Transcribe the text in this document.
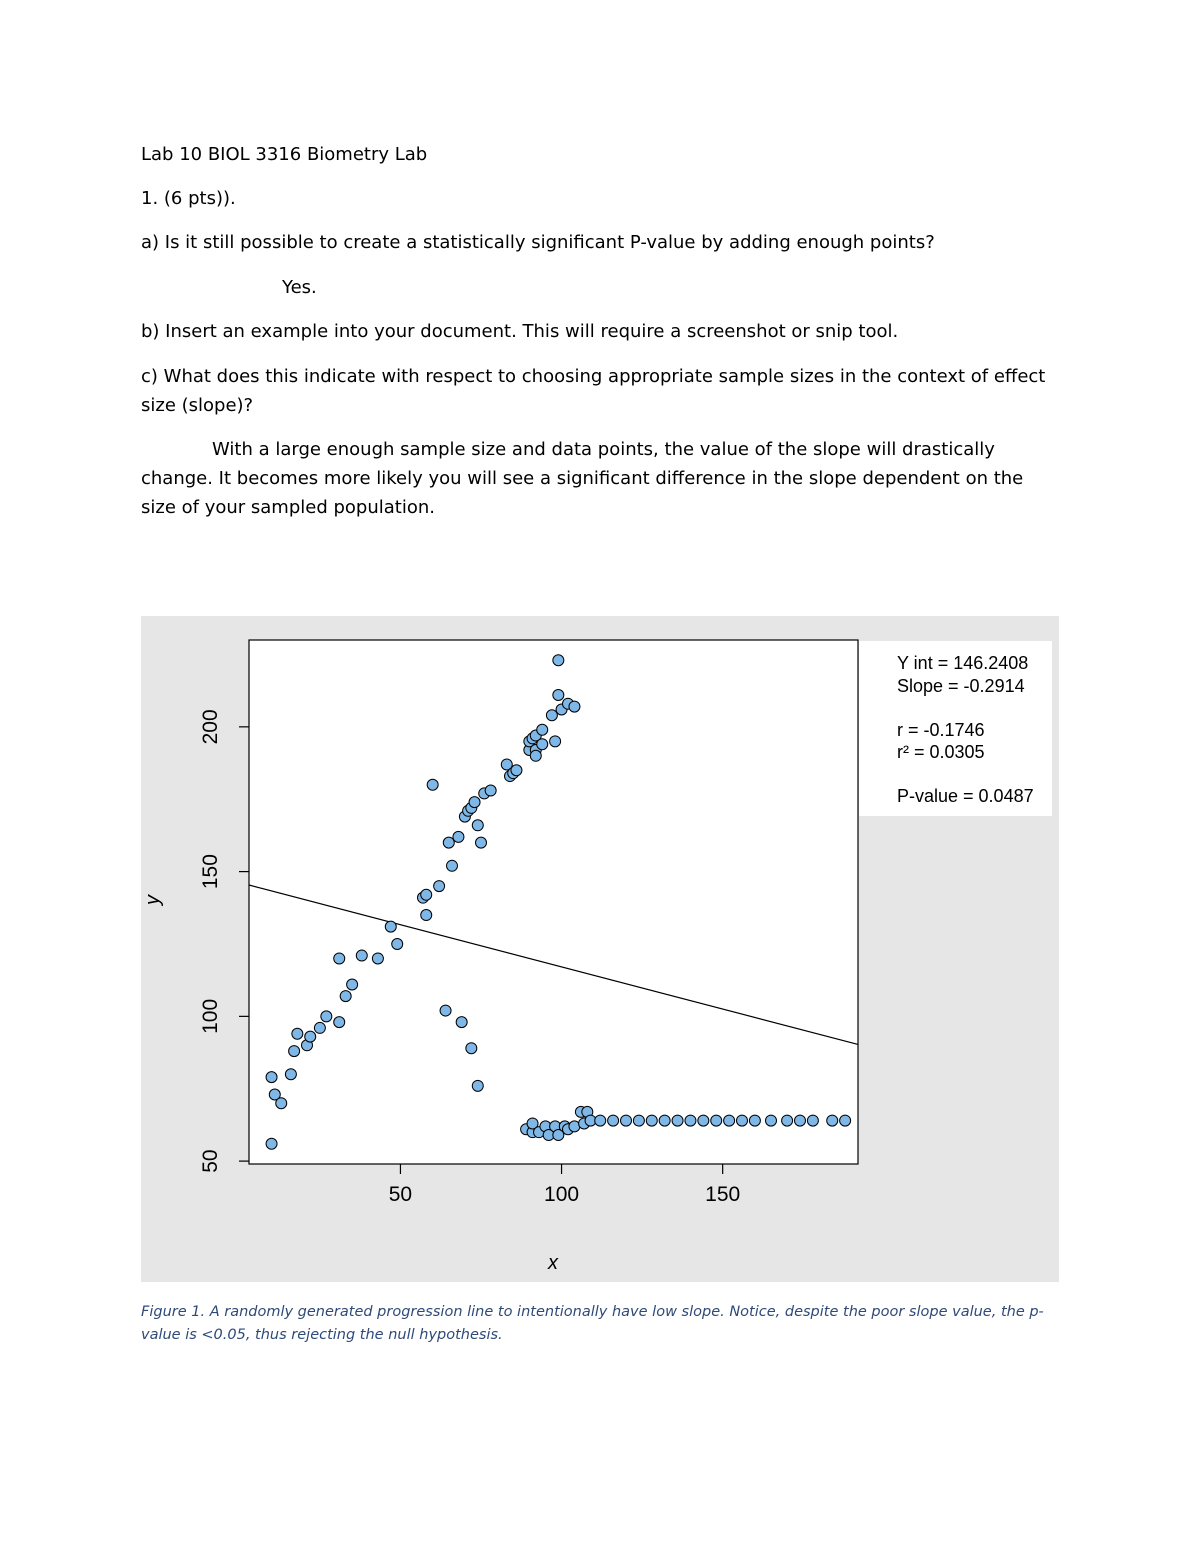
Lab 10 BIOL 3316 Biometry Lab
1. (6 pts)).
a) Is it still possible to create a statistically significant P-value by adding enough points?
Yes.
b) Insert an example into your document. This will require a screenshot or snip tool.
c) What does this indicate with respect to choosing appropriate sample sizes in the context of effect size (slope)?
With a large enough sample size and data points, the value of the slope will drastically change. It becomes more likely you will see a significant difference in the slope dependent on the size of your sampled population.
50	100	150
50
100
150
200
x
y
Y int = 146.2408
Slope = -0.2914
r = -0.1746
r² = 0.0305
P-value = 0.0487
Figure 1. A randomly generated progression line to intentionally have low slope. Notice, despite the poor slope value, the p-value is <0.05, thus rejecting the null hypothesis.
